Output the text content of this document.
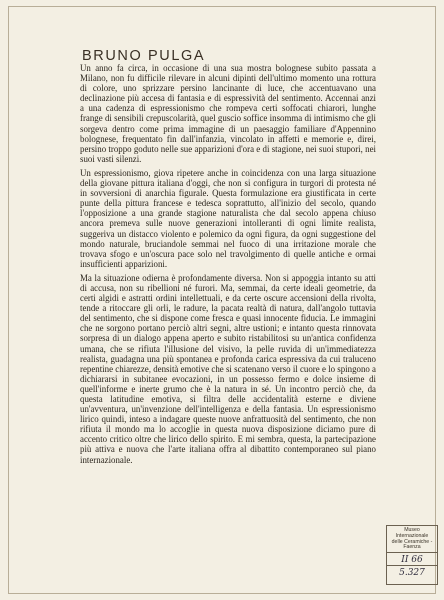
BRUNO PULGA

Un anno fa circa, in occasione di una sua mostra bolognese subito passata a Milano, non fu difficile rilevare in alcuni dipinti dell'ultimo momento una rottura di colore, uno sprizzare persino lancinante di luce, che accentuavano una declinazione più accesa di fantasia e di espressività del sentimento. Accennai anzi a una cadenza di espressionismo che rompeva certi soffocati chiarori, lunghe frange di sensibili crepuscolarità, quel guscio soffice insomma di intimismo che gli sorgeva dentro come prima immagine di un paesaggio familiare d'Appennino bolognese, frequentato fin dall'infanzia, vincolato in affetti e memorie e, direi, persino troppo goduto nelle sue apparizioni d'ora e di stagione, nei suoi stupori, nei suoi vasti silenzi.

Un espressionismo, giova ripetere anche in coincidenza con una larga situazione della giovane pittura italiana d'oggi, che non si configura in turgori di protesta né in sovversioni di anarchia figurale. Questa formulazione era giustificata in certe punte della pittura francese e tedesca soprattutto, all'inizio del secolo, quando l'opposizione a una grande stagione naturalista che dal secolo appena chiuso ancora premeva sulle nuove generazioni intolleranti di ogni limite realista, suggeriva un distacco violento e polemico da ogni figura, da ogni suggestione del mondo naturale, bruciandole semmai nel fuoco di una irritazione morale che trovava sfogo e un'oscura pace solo nel travolgimento di quelle antiche e ormai insufficienti apparizioni.

Ma la situazione odierna è profondamente diversa. Non si appoggia intanto su atti di accusa, non su ribellioni né furori. Ma, semmai, da certe ideali geometrie, da certi algidi e astratti ordini intellettuali, e da certe oscure accensioni della rivolta, tende a ritoccare gli orli, le radure, la pacata realtà di natura, dall'angolo tuttavia del sentimento, che si dispone come fresca e quasi innocente fiducia. Le immagini che ne sorgono portano perciò altri segni, altre ustioni; e intanto questa rinnovata sorpresa di un dialogo appena aperto e subito ristabilitosi su un'antica confidenza umana, che se rifiuta l'illusione del visivo, la pelle ruvida di un'immediatezza realista, guadagna una più spontanea e profonda carica espressiva da cui traluceno repentine chiarezze, densità emotive che si scatenano verso il cuore e lo spingono a dichiararsi in subitanee evocazioni, in un possesso fermo e dolce insieme di quell'informe e inerte grumo che è la natura in sé. Un incontro perciò che, da questa latitudine emotiva, si filtra delle accidentalità esterne e diviene un'avventura, un'invenzione dell'intelligenza e della fantasia. Un espressionismo lirico quindi, inteso a indagare queste nuove anfrattuosità del sentimento, che non rifiuta il mondo ma lo accoglie in questa nuova disposizione diciamo pure di accento critico oltre che lirico dello spirito. E mi sembra, questa, la partecipazione più attiva e nuova che l'arte italiana offra al dibattito contemporaneo sul piano internazionale.

Museo
Internazionale
delle Ceramiche - Faenza
II 66
5.327
